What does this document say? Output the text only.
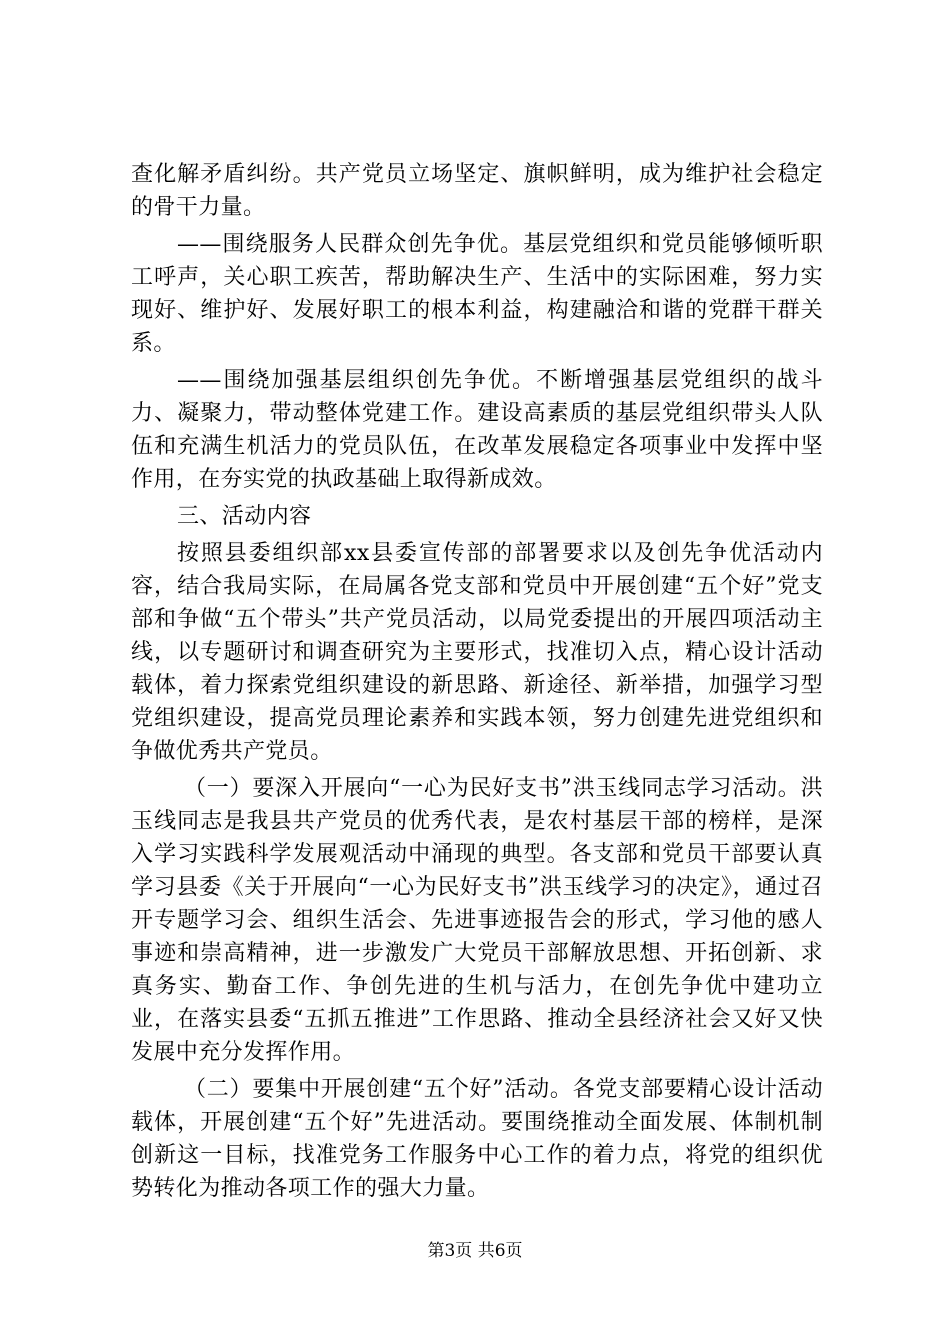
查化解矛盾纠纷。共产党员立场坚定、旗帜鲜明，成为维护社会稳定的骨干力量。

——围绕服务人民群众创先争优。基层党组织和党员能够倾听职工呼声，关心职工疾苦，帮助解决生产、生活中的实际困难，努力实现好、维护好、发展好职工的根本利益，构建融洽和谐的党群干群关系。

——围绕加强基层组织创先争优。不断增强基层党组织的战斗力、凝聚力，带动整体党建工作。建设高素质的基层党组织带头人队伍和充满生机活力的党员队伍，在改革发展稳定各项事业中发挥中坚作用，在夯实党的执政基础上取得新成效。

三、活动内容

按照县委组织部xx县委宣传部的部署要求以及创先争优活动内容，结合我局实际，在局属各党支部和党员中开展创建“五个好”党支部和争做“五个带头”共产党员活动，以局党委提出的开展四项活动主线，以专题研讨和调查研究为主要形式，找准切入点，精心设计活动载体，着力探索党组织建设的新思路、新途径、新举措，加强学习型党组织建设，提高党员理论素养和实践本领，努力创建先进党组织和争做优秀共产党员。

（一）要深入开展向“一心为民好支书”洪玉线同志学习活动。洪玉线同志是我县共产党员的优秀代表，是农村基层干部的榜样，是深入学习实践科学发展观活动中涌现的典型。各支部和党员干部要认真学习县委《关于开展向“一心为民好支书”洪玉线学习的决定》，通过召开专题学习会、组织生活会、先进事迹报告会的形式，学习他的感人事迹和崇高精神，进一步激发广大党员干部解放思想、开拓创新、求真务实、勤奋工作、争创先进的生机与活力，在创先争优中建功立业，在落实县委“五抓五推进”工作思路、推动全县经济社会又好又快发展中充分发挥作用。

（二）要集中开展创建“五个好”活动。各党支部要精心设计活动载体，开展创建“五个好”先进活动。要围绕推动全面发展、体制机制创新这一目标，找准党务工作服务中心工作的着力点，将党的组织优势转化为推动各项工作的强大力量。

第3页 共6页
